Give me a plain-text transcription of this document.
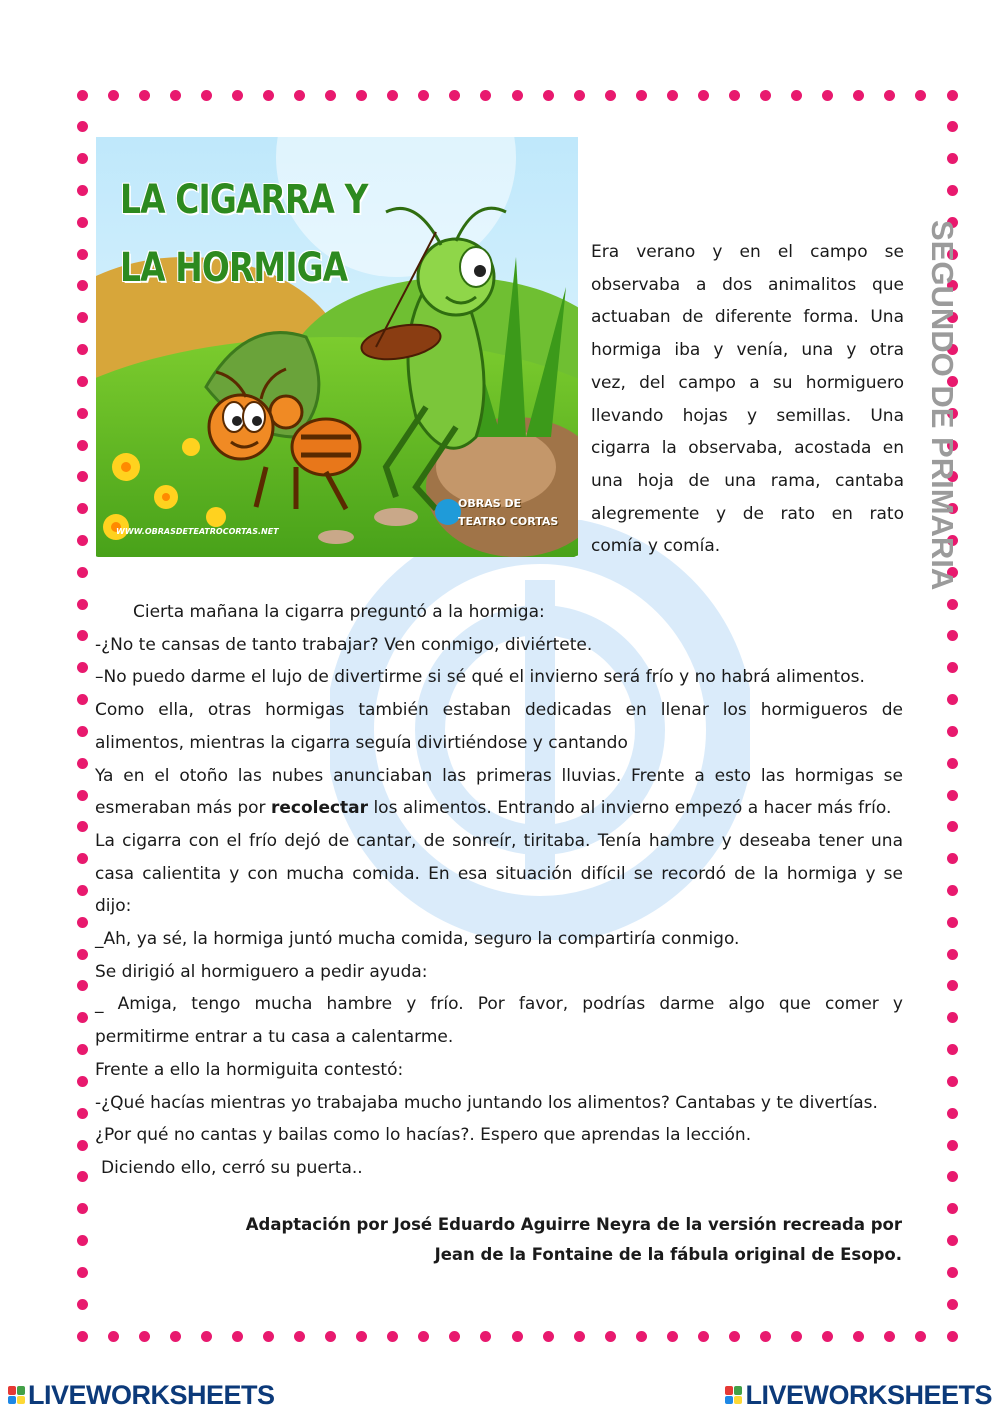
LA CIGARRA Y
LA HORMIGA
WWW.OBRASDETEATROCORTAS.NET
OBRAS DE
TEATRO CORTAS	SEGUNDO DE PRIMARIA
Era verano y en el campo se
observaba a dos animalitos que
actuaban de diferente forma. Una
hormiga iba y venía, una y otra
vez, del campo a su hormiguero
llevando hojas y semillas. Una
cigarra la observaba, acostada en
una hoja de una rama, cantaba
alegremente y de rato en rato
comía y comía.

Cierta mañana la cigarra preguntó a la hormiga:

-¿No te cansas de tanto trabajar? Ven conmigo, diviértete.

–No puedo darme el lujo de divertirme si sé qué el invierno será frío y no habrá alimentos.

Como ella, otras hormigas también estaban dedicadas en llenar los hormigueros de

alimentos, mientras la cigarra seguía divirtiéndose y cantando

Ya en el otoño las nubes anunciaban las primeras lluvias. Frente a esto las hormigas se

esmeraban más por recolectar los alimentos. Entrando al invierno empezó a hacer más frío.

La cigarra con el frío dejó de cantar, de sonreír, tiritaba. Tenía hambre y deseaba tener una

casa calientita y con mucha comida. En esa situación difícil se recordó de la hormiga y se

dijo:

_Ah, ya sé, la hormiga juntó mucha comida, seguro la compartiría conmigo.

Se dirigió al hormiguero a pedir ayuda:

_ Amiga, tengo mucha hambre y frío. Por favor, podrías darme algo que comer y

permitirme entrar a tu casa a calentarme.

Frente a ello la hormiguita contestó:

-¿Qué hacías mientras yo trabajaba mucho juntando los alimentos? Cantabas y te divertías.

¿Por qué no cantas y bailas como lo hacías?. Espero que aprendas la lección.

Diciendo ello, cerró su puerta..

Adaptación por José Eduardo Aguirre Neyra de la versión recreada por
Jean de la Fontaine de la fábula original de Esopo.
LIVEWORKSHEETS	LIVEWORKSHEETS
